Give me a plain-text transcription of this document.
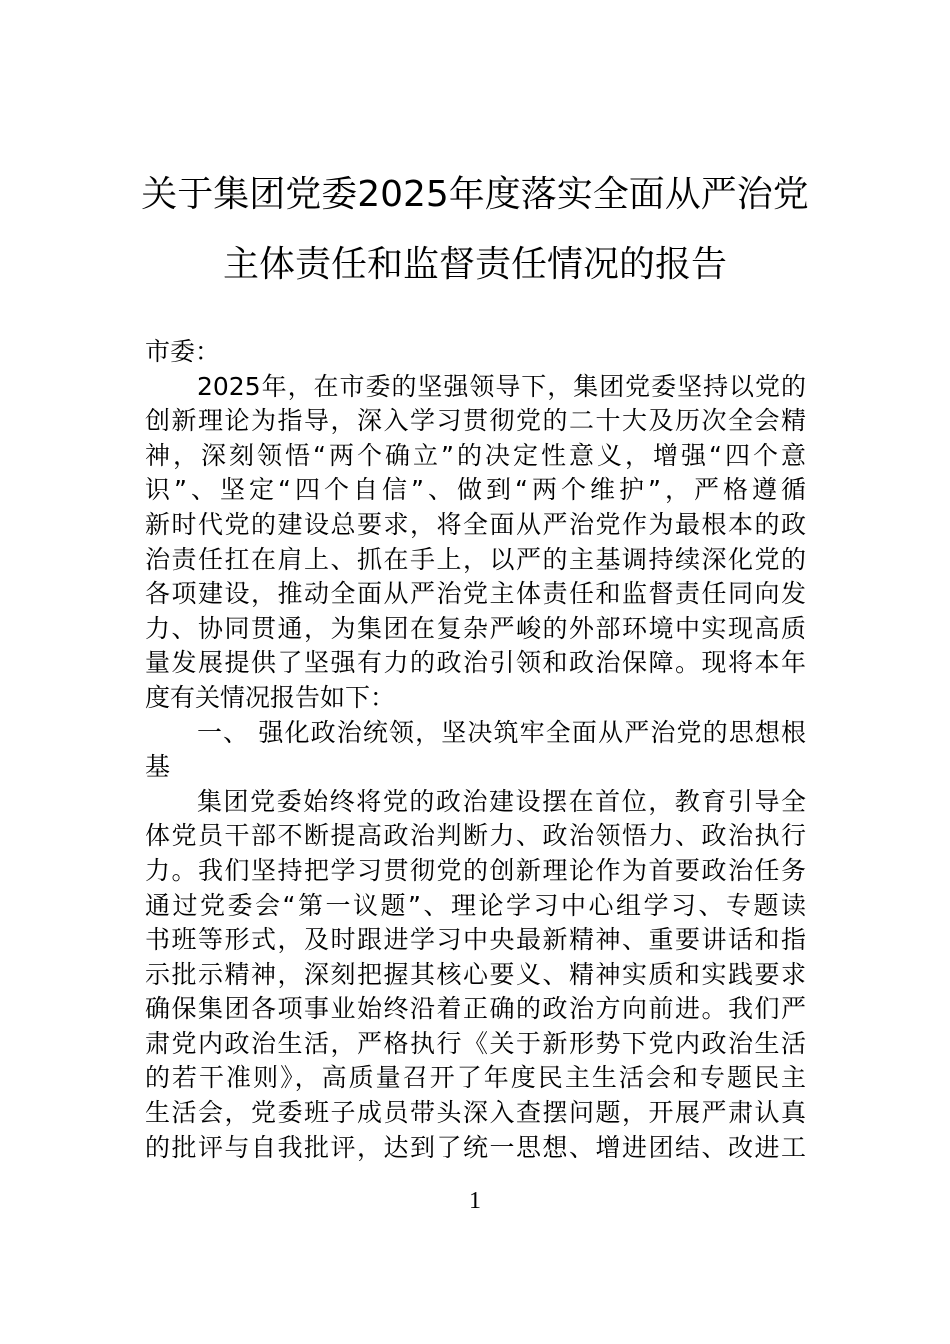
关于集团党委2025年度落实全面从严治党
主体责任和监督责任情况的报告
市委：
2025年，在市委的坚强领导下，集团党委坚持以党的
创新理论为指导，深入学习贯彻党的二十大及历次全会精
神，深刻领悟“两个确立”的决定性意义，增强“四个意
识”、坚定“四个自信”、做到“两个维护”，严格遵循
新时代党的建设总要求，将全面从严治党作为最根本的政
治责任扛在肩上、抓在手上，以严的主基调持续深化党的
各项建设，推动全面从严治党主体责任和监督责任同向发
力、协同贯通，为集团在复杂严峻的外部环境中实现高质
量发展提供了坚强有力的政治引领和政治保障。现将本年
度有关情况报告如下：
一、 强化政治统领，坚决筑牢全面从严治党的思想根
基
集团党委始终将党的政治建设摆在首位，教育引导全
体党员干部不断提高政治判断力、政治领悟力、政治执行
力。我们坚持把学习贯彻党的创新理论作为首要政治任务
通过党委会“第一议题”、理论学习中心组学习、专题读
书班等形式，及时跟进学习中央最新精神、重要讲话和指
示批示精神，深刻把握其核心要义、精神实质和实践要求
确保集团各项事业始终沿着正确的政治方向前进。我们严
肃党内政治生活，严格执行《关于新形势下党内政治生活
的若干准则》，高质量召开了年度民主生活会和专题民主
生活会，党委班子成员带头深入查摆问题，开展严肃认真
的批评与自我批评，达到了统一思想、增进团结、改进工
1
